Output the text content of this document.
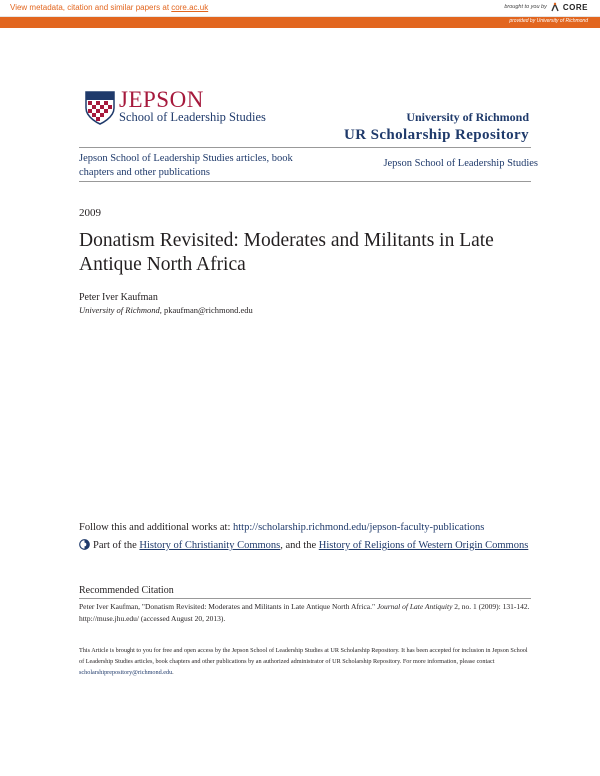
View metadata, citation and similar papers at core.ac.uk	brought to you by CORE
provided by University of Richmond
JEPSON
School of Leadership Studies	University of Richmond
UR Scholarship Repository
Jepson School of Leadership Studies articles, book chapters and other publications
Jepson School of Leadership Studies
2009
Donatism Revisited: Moderates and Militants in Late Antique North Africa
Peter Iver Kaufman
University of Richmond, pkaufman@richmond.edu
Follow this and additional works at: http://scholarship.richmond.edu/jepson-faculty-publications
Part of the History of Christianity Commons, and the History of Religions of Western Origin Commons
Recommended Citation
Peter Iver Kaufman, "Donatism Revisited: Moderates and Militants in Late Antique North Africa." Journal of Late Antiquity 2, no. 1 (2009): 131-142. http://muse.jhu.edu/ (accessed August 20, 2013).
This Article is brought to you for free and open access by the Jepson School of Leadership Studies at UR Scholarship Repository. It has been accepted for inclusion in Jepson School of Leadership Studies articles, book chapters and other publications by an authorized administrator of UR Scholarship Repository. For more information, please contact scholarshiprepository@richmond.edu.
